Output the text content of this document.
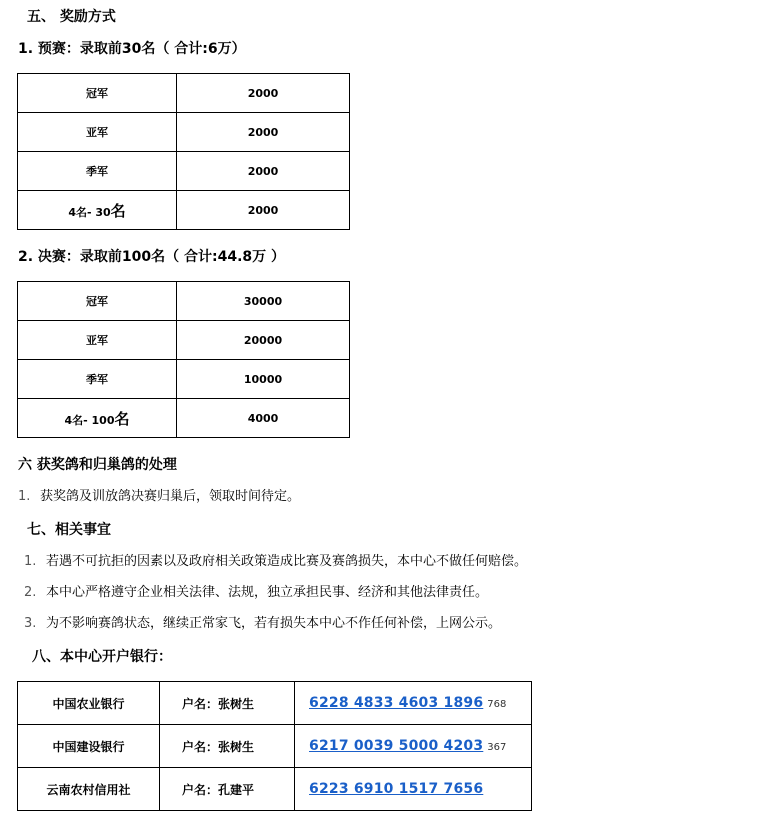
五、 奖励方式
1. 预赛：录取前30名（ 合计:6万）
冠军	2000
亚军	2000
季军	2000
4名- 30名	2000
2. 决赛：录取前100名（ 合计:44.8万 ）
冠军	30000
亚军	20000
季军	10000
4名- 100名	4000
六 获奖鸽和归巢鸽的处理
1. 获奖鸽及训放鸽决赛归巢后，领取时间待定。
七、相关事宜
1. 若遇不可抗拒的因素以及政府相关政策造成比赛及赛鸽损失，本中心不做任何赔偿。
2. 本中心严格遵守企业相关法律、法规，独立承担民事、经济和其他法律责任。
3. 为不影响赛鸽状态，继续正常家飞，若有损失本中心不作任何补偿，上网公示。
八、本中心开户银行：
中国农业银行	户名：张树生	6228 4833 4603 1896 768
中国建设银行	户名：张树生	6217 0039 5000 4203 367
云南农村信用社	户名：孔建平	6223 6910 1517 7656
